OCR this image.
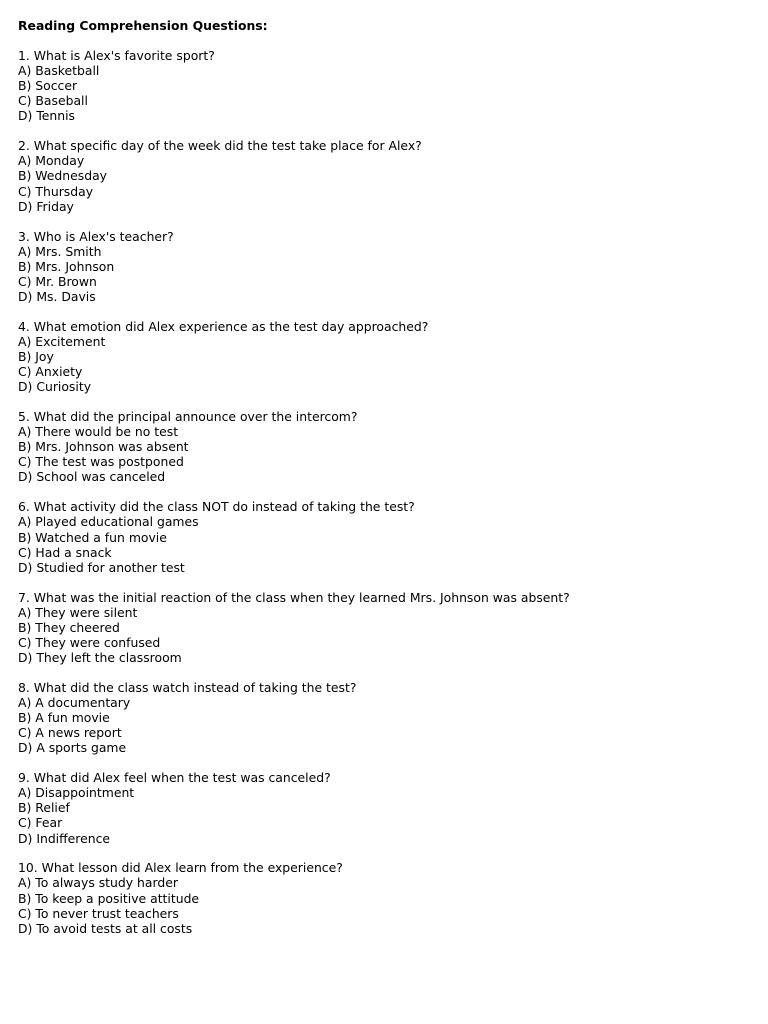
Reading Comprehension Questions:
1. What is Alex's favorite sport?
A) Basketball
B) Soccer
C) Baseball
D) Tennis
2. What specific day of the week did the test take place for Alex?
A) Monday
B) Wednesday
C) Thursday
D) Friday
3. Who is Alex's teacher?
A) Mrs. Smith
B) Mrs. Johnson
C) Mr. Brown
D) Ms. Davis
4. What emotion did Alex experience as the test day approached?
A) Excitement
B) Joy
C) Anxiety
D) Curiosity
5. What did the principal announce over the intercom?
A) There would be no test
B) Mrs. Johnson was absent
C) The test was postponed
D) School was canceled
6. What activity did the class NOT do instead of taking the test?
A) Played educational games
B) Watched a fun movie
C) Had a snack
D) Studied for another test
7. What was the initial reaction of the class when they learned Mrs. Johnson was absent?
A) They were silent
B) They cheered
C) They were confused
D) They left the classroom
8. What did the class watch instead of taking the test?
A) A documentary
B) A fun movie
C) A news report
D) A sports game
9. What did Alex feel when the test was canceled?
A) Disappointment
B) Relief
C) Fear
D) Indifference
10. What lesson did Alex learn from the experience?
A) To always study harder
B) To keep a positive attitude
C) To never trust teachers
D) To avoid tests at all costs
